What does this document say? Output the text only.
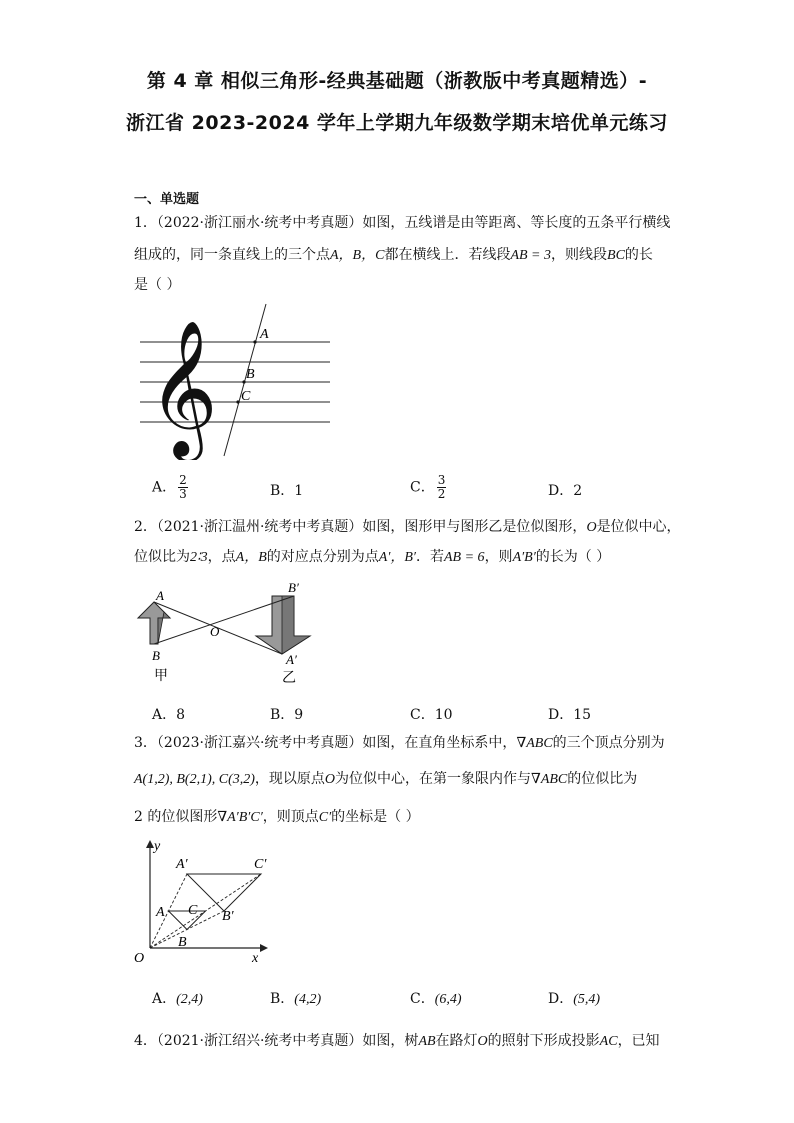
第 4 章 相似三角形-经典基础题（浙教版中考真题精选）-
浙江省 2023-2024 学年上学期九年级数学期末培优单元练习
一、单选题
1．（2022·浙江丽水·统考中考真题）如图，五线谱是由等距离、等长度的五条平行横线
组成的，同一条直线上的三个点A，B，C都在横线上．若线段AB = 3，则线段BC的长
是（ ）
𝄞	A
B
C
A． $\frac{2}{3}$	B．1	C． $\frac{3}{2}$	D．2
2．（2021·浙江温州·统考中考真题）如图，图形甲与图形乙是位似图形，O是位似中心，
位似比为2∶3，点A，B的对应点分别为点A′，B′．若AB = 6，则A′B′的长为（ ）
A
B
O
B′
A′
甲	乙
A．8	B．9	C．10	D．15
3．（2023·浙江嘉兴·统考中考真题）如图，在直角坐标系中，∇ABC的三个顶点分别为
A(1,2), B(2,1), C(3,2)，现以原点O为位似中心，在第一象限内作与∇ABC的位似比为
2 的位似图形∇A′B′C′，则顶点C′的坐标是（ ）
y
x
O
A
B
C
A′
B′
C′
A．(2,4)	B．(4,2)	C．(6,4)	D．(5,4)
4．（2021·浙江绍兴·统考中考真题）如图，树AB在路灯O的照射下形成投影AC，已知
